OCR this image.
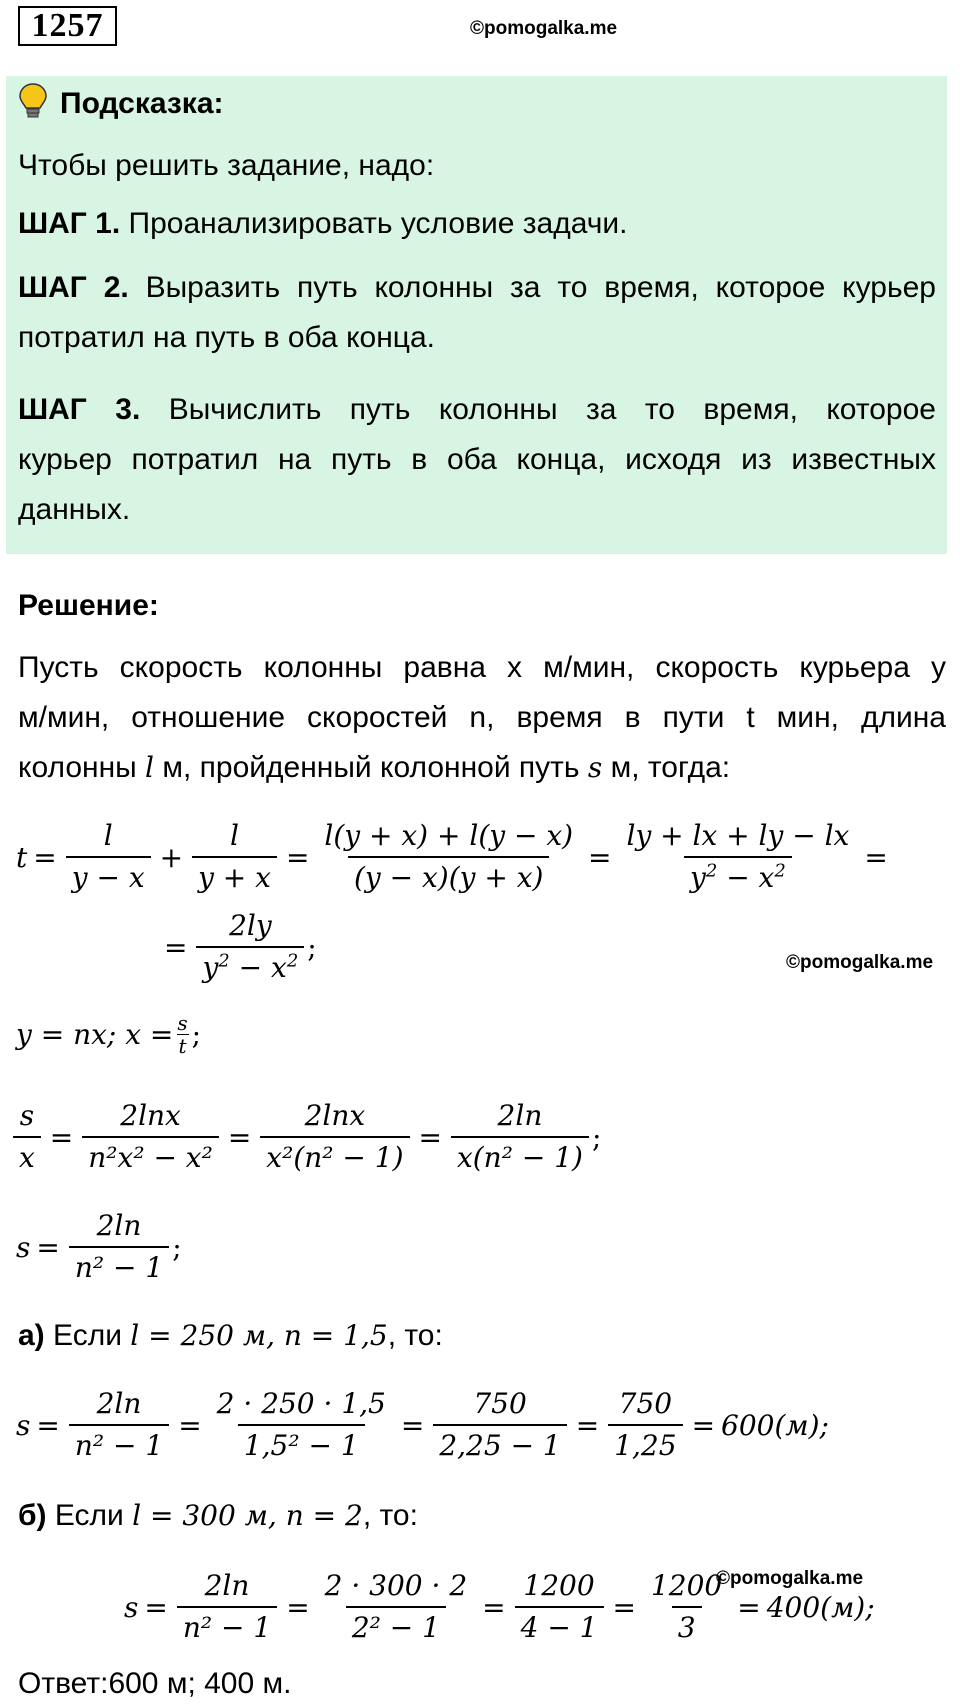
1257	©pomogalka.me
Подсказка:
Чтобы решить задание, надо:
ШАГ 1. Проанализировать условие задачи.
ШАГ 2. Выразить путь колонны за то время, которое курьер
потратил на путь в оба конца.
ШАГ 3. Вычислить путь колонны за то время, которое
курьер потратил на путь в оба конца, исходя из известных
данных.
Решение:
Пусть скорость колонны равна х м/мин, скорость курьера у
м/мин, отношение скоростей n, время в пути t мин, длина
колонны l м, пройденный колонной путь s м, тогда:
$t = \frac{l}{y - x} + \frac{l}{y + x} = \frac{l(y + x) + l(y - x)}{(y - x)(y + x)} = \frac{ly + lx + ly - lx}{y^2 - x^2}$ =
= $\frac{2ly}{y^2 - x^2}$ ;	©pomogalka.me
y = nx; $x = \frac{s}{t}$ ;
$\frac{s}{x} = \frac{2\ln x}{\text{n²x² − x²}} = \frac{2\ln x}{\text{x²(n² − 1)}} = \frac{2\ln}{\text{x(n² − 1)}}$ ;
$s = \frac{2\ln}{\text{n² − 1}}$ ;
а) Если l = 250 м, n = 1,5, то:
$s = \frac{2\ln}{\text{n² − 1}} = \frac{2 \cdot 250 \cdot 1,5}{\text{1,5² − 1}} = \frac{750}{2,25 - 1} = \frac{750}{1,25} = 600(м)$;
б) Если l = 300 м, n = 2, то:
$s = \frac{2\ln}{\text{n² − 1}} = \frac{2 \cdot 300 \cdot 2}{\text{2² − 1}} = \frac{1200}{4 - 1} = \frac{1200}{3} = 400(м)$;
©pomogalka.me
Ответ:600 м; 400 м.
